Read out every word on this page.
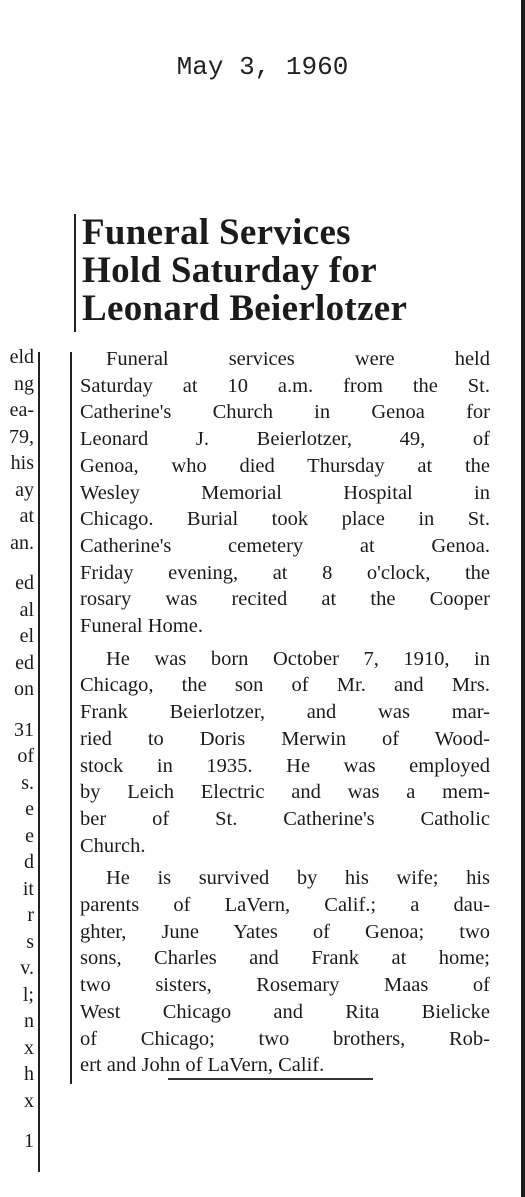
May 3, 1960
eld
ng
ea-
79,
his
ay
at
an.
ed
al
el
ed
on
31
of
s.
e
e
d
it
r
s
v.
l;
n
x
h
x
1
Funeral Services
Hold Saturday for
Leonard Beierlotzer

Funeral services were held
Saturday at 10 a.m. from the St.
Catherine's Church in Genoa for
Leonard J. Beierlotzer, 49, of
Genoa, who died Thursday at the
Wesley Memorial Hospital in
Chicago. Burial took place in St.
Catherine's cemetery at Genoa.
Friday evening, at 8 o'clock, the
rosary was recited at the Cooper
Funeral Home.

He was born October 7, 1910, in
Chicago, the son of Mr. and Mrs.
Frank Beierlotzer, and was mar-
ried to Doris Merwin of Wood-
stock in 1935. He was employed
by Leich Electric and was a mem-
ber of St. Catherine's Catholic
Church.

He is survived by his wife; his
parents of LaVern, Calif.; a dau-
ghter, June Yates of Genoa; two
sons, Charles and Frank at home;
two sisters, Rosemary Maas of
West Chicago and Rita Bielicke
of Chicago; two brothers, Rob-
ert and John of LaVern, Calif.
